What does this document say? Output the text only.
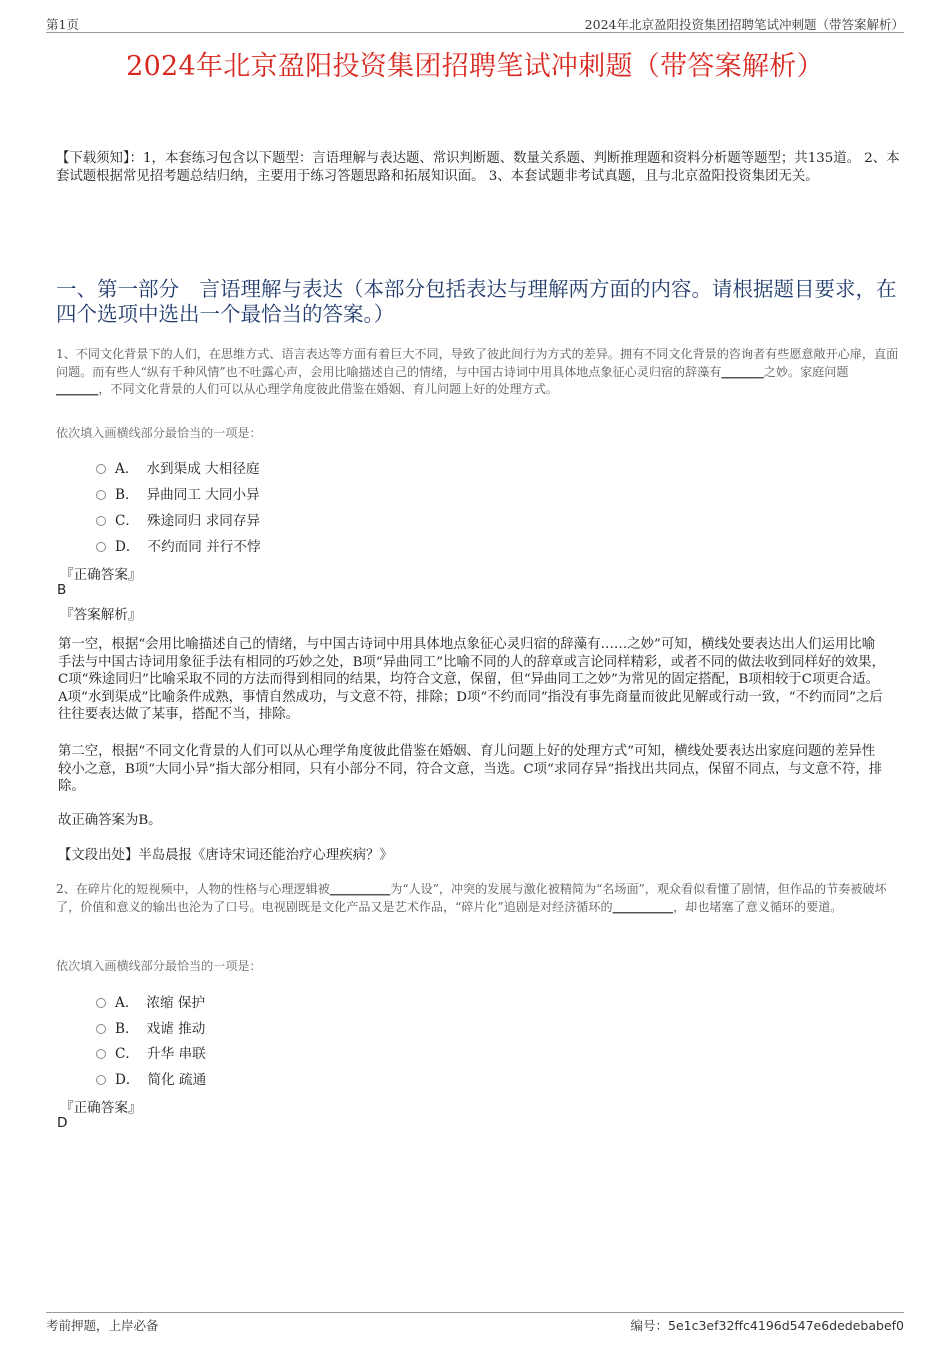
第1页	2024年北京盈阳投资集团招聘笔试冲刺题（带答案解析）
2024年北京盈阳投资集团招聘笔试冲刺题（带答案解析）
【下载须知】：1，本套练习包含以下题型：言语理解与表达题、常识判断题、数量关系题、判断推理题和资料分析题等题型；共135道。 2、本套试题根据常见招考题总结归纳，主要用于练习答题思路和拓展知识面。 3、本套试题非考试真题，且与北京盈阳投资集团无关。
一、第一部分　言语理解与表达（本部分包括表达与理解两方面的内容。请根据题目要求，在四个选项中选出一个最恰当的答案。）
1、不同文化背景下的人们，在思维方式、语言表达等方面有着巨大不同，导致了彼此间行为方式的差异。拥有不同文化背景的咨询者有些愿意敞开心扉，直面问题。而有些人“纵有千种风情”也不吐露心声，会用比喻描述自己的情绪，与中国古诗词中用具体地点象征心灵归宿的辞藻有_______之妙。家庭问题_______，不同文化背景的人们可以从心理学角度彼此借鉴在婚姻、育儿问题上好的处理方式。
依次填入画横线部分最恰当的一项是：
A． 水到渠成 大相径庭
B． 异曲同工 大同小异
C． 殊途同归 求同存异
D． 不约而同 并行不悖
『正确答案』
B
『答案解析』
第一空，根据“会用比喻描述自己的情绪，与中国古诗词中用具体地点象征心灵归宿的辞藻有……之妙”可知，横线处要表达出人们运用比喻手法与中国古诗词用象征手法有相同的巧妙之处，B项“异曲同工”比喻不同的人的辞章或言论同样精彩，或者不同的做法收到同样好的效果，C项“殊途同归”比喻采取不同的方法而得到相同的结果，均符合文意，保留，但“异曲同工之妙”为常见的固定搭配，B项相较于C项更合适。A项“水到渠成”比喻条件成熟，事情自然成功，与文意不符，排除；D项“不约而同”指没有事先商量而彼此见解或行动一致，“不约而同”之后往往要表达做了某事，搭配不当，排除。
第二空，根据“不同文化背景的人们可以从心理学角度彼此借鉴在婚姻、育儿问题上好的处理方式”可知，横线处要表达出家庭问题的差异性较小之意，B项“大同小异”指大部分相同，只有小部分不同，符合文意，当选。C项“求同存异”指找出共同点，保留不同点，与文意不符，排除。
故正确答案为B。
【文段出处】半岛晨报《唐诗宋词还能治疗心理疾病？》
2、在碎片化的短视频中，人物的性格与心理逻辑被__________为“人设”，冲突的发展与激化被精简为“名场面”，观众看似看懂了剧情，但作品的节奏被破坏了，价值和意义的输出也沦为了口号。电视剧既是文化产品又是艺术作品，“碎片化”追剧是对经济循环的__________，却也堵塞了意义循环的要道。
依次填入画横线部分最恰当的一项是：
A． 浓缩 保护
B． 戏谑 推动
C． 升华 串联
D． 简化 疏通
『正确答案』
D
考前押题，上岸必备	编号：5e1c3ef32ffc4196d547e6dedebabef0
